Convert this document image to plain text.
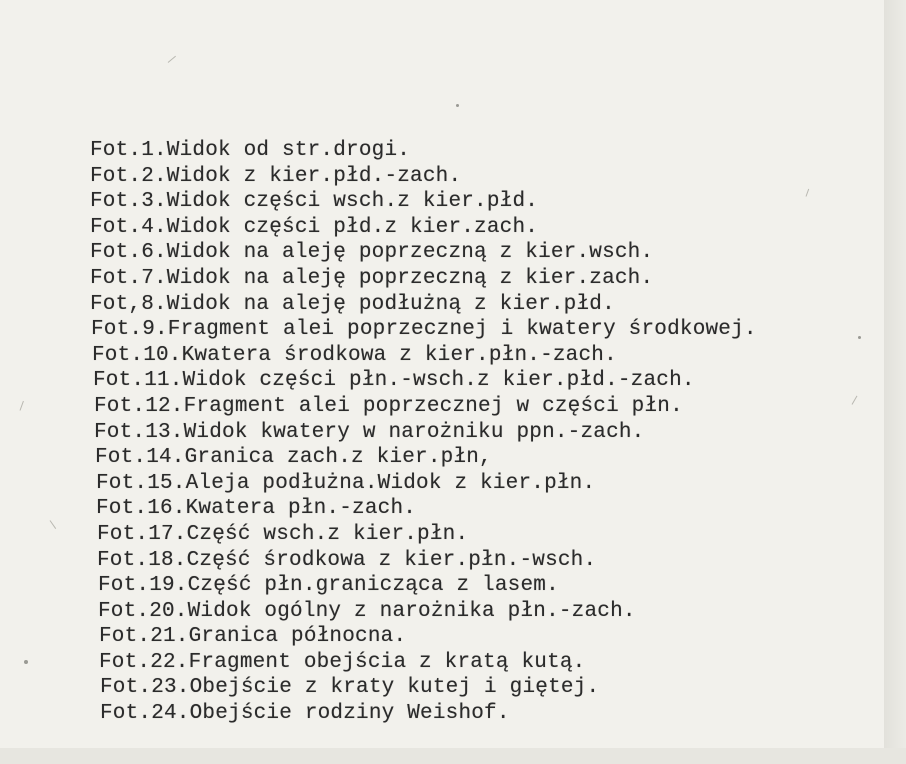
Fot.1.Widok od str.drogi.
Fot.2.Widok z kier.płd.-zach.
Fot.3.Widok części wsch.z kier.płd.
Fot.4.Widok części płd.z kier.zach.
Fot.6.Widok na aleję poprzeczną z kier.wsch.
Fot.7.Widok na aleję poprzeczną z kier.zach.
Fot,8.Widok na aleję podłużną z kier.płd.
Fot.9.Fragment alei poprzecznej i kwatery środkowej.
Fot.10.Kwatera środkowa z kier.płn.-zach.
Fot.11.Widok części płn.-wsch.z kier.płd.-zach.
Fot.12.Fragment alei poprzecznej w części płn.
Fot.13.Widok kwatery w narożniku ppn.-zach.
Fot.14.Granica zach.z kier.płn,
Fot.15.Aleja podłużna.Widok z kier.płn.
Fot.16.Kwatera płn.-zach.
Fot.17.Część wsch.z kier.płn.
Fot.18.Część środkowa z kier.płn.-wsch.
Fot.19.Część płn.granicząca z lasem.
Fot.20.Widok ogólny z narożnika płn.-zach.
Fot.21.Granica północna.
Fot.22.Fragment obejścia z kratą kutą.
Fot.23.Obejście z kraty kutej i giętej.
Fot.24.Obejście rodziny Weishof.
